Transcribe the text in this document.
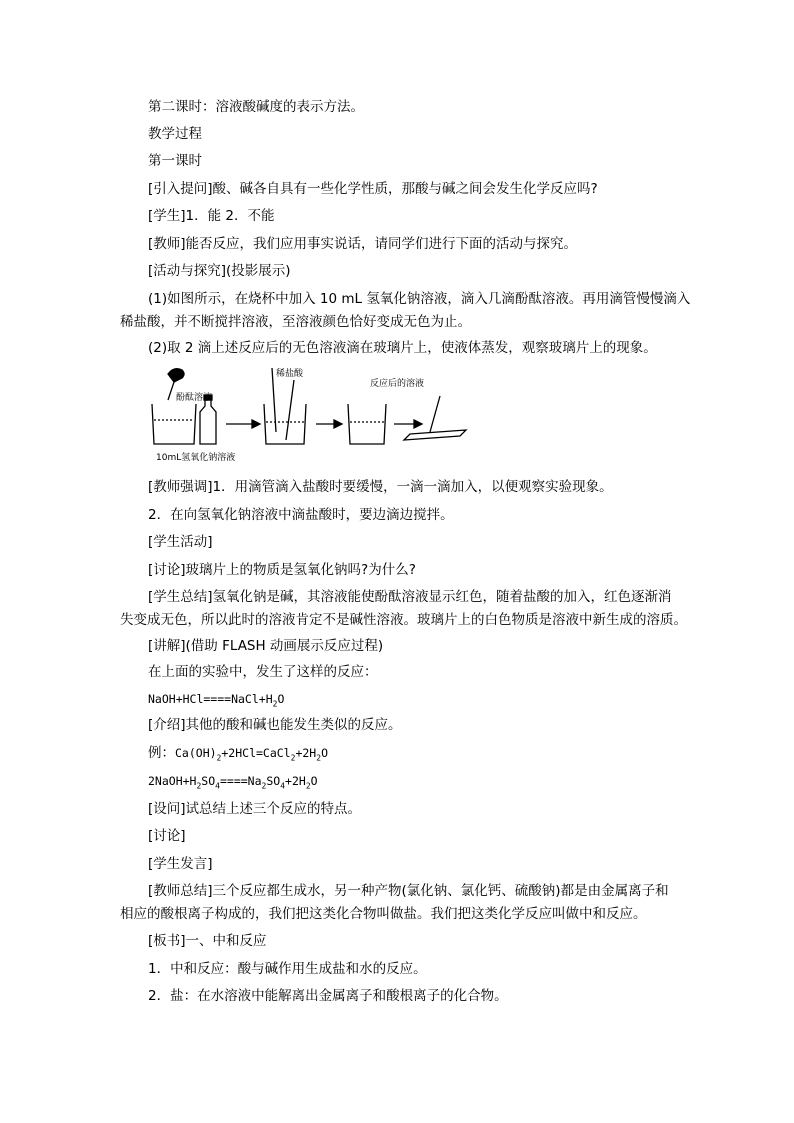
第二课时：溶液酸碱度的表示方法。
教学过程
第一课时
[引入提问]酸、碱各自具有一些化学性质，那酸与碱之间会发生化学反应吗?
[学生]1．能 2．不能
[教师]能否反应，我们应用事实说话，请同学们进行下面的活动与探究。
[活动与探究](投影展示)
(1)如图所示，在烧杯中加入 10 mL 氢氧化钠溶液，滴入几滴酚酞溶液。再用滴管慢慢滴入
稀盐酸，并不断搅拌溶液，至溶液颜色恰好变成无色为止。
(2)取 2 滴上述反应后的无色溶液滴在玻璃片上，使液体蒸发，观察玻璃片上的现象。
酚酞溶液
稀盐酸
反应后的溶液
10mL氢氧化钠溶液
[教师强调]1．用滴管滴入盐酸时要缓慢，一滴一滴加入，以便观察实验现象。
2．在向氢氧化钠溶液中滴盐酸时，要边滴边搅拌。
[学生活动]
[讨论]玻璃片上的物质是氢氧化钠吗?为什么?
[学生总结]氢氧化钠是碱，其溶液能使酚酞溶液显示红色，随着盐酸的加入，红色逐渐消
失变成无色，所以此时的溶液肯定不是碱性溶液。玻璃片上的白色物质是溶液中新生成的溶质。
[讲解](借助 FLASH 动画展示反应过程)
在上面的实验中，发生了这样的反应：
$NaOH+HCl====NaCl+H_2O$
[介绍]其他的酸和碱也能发生类似的反应。
例：$Ca(OH)_2+2HCl=CaCl_2+2H_2O$
$2NaOH+H_2SO_4====Na_2SO_4+2H_2O$
[设问]试总结上述三个反应的特点。
[讨论]
[学生发言]
[教师总结]三个反应都生成水，另一种产物(氯化钠、氯化钙、硫酸钠)都是由金属离子和
相应的酸根离子构成的，我们把这类化合物叫做盐。我们把这类化学反应叫做中和反应。
[板书]一、中和反应
1．中和反应：酸与碱作用生成盐和水的反应。
2．盐：在水溶液中能解离出金属离子和酸根离子的化合物。
